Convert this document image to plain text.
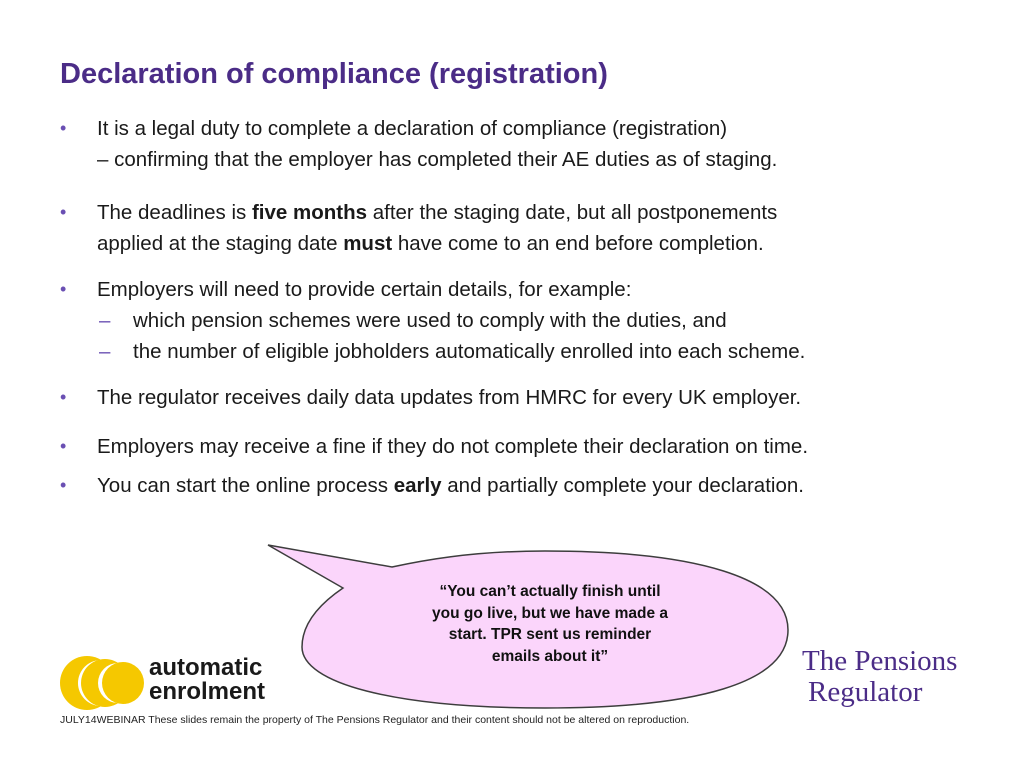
Declaration of compliance (registration)
• It is a legal duty to complete a declaration of compliance (registration)
– confirming that the employer has completed their AE duties as of staging.
• The deadlines is five months after the staging date, but all postponements
applied at the staging date must have come to an end before completion.
• Employers will need to provide certain details, for example:
– which pension schemes were used to comply with the duties, and
– the number of eligible jobholders automatically enrolled into each scheme.
• The regulator receives daily data updates from HMRC for every UK employer.
• Employers may receive a fine if they do not complete their declaration on time.
• You can start the online process early and partially complete your declaration.
“You can’t actually finish until
you go live, but we have made a
start. TPR sent us reminder
emails about it”
automatic
enrolment
The Pensions
Regulator
JULY14WEBINAR These slides remain the property of The Pensions Regulator and their content should not be altered on reproduction.
